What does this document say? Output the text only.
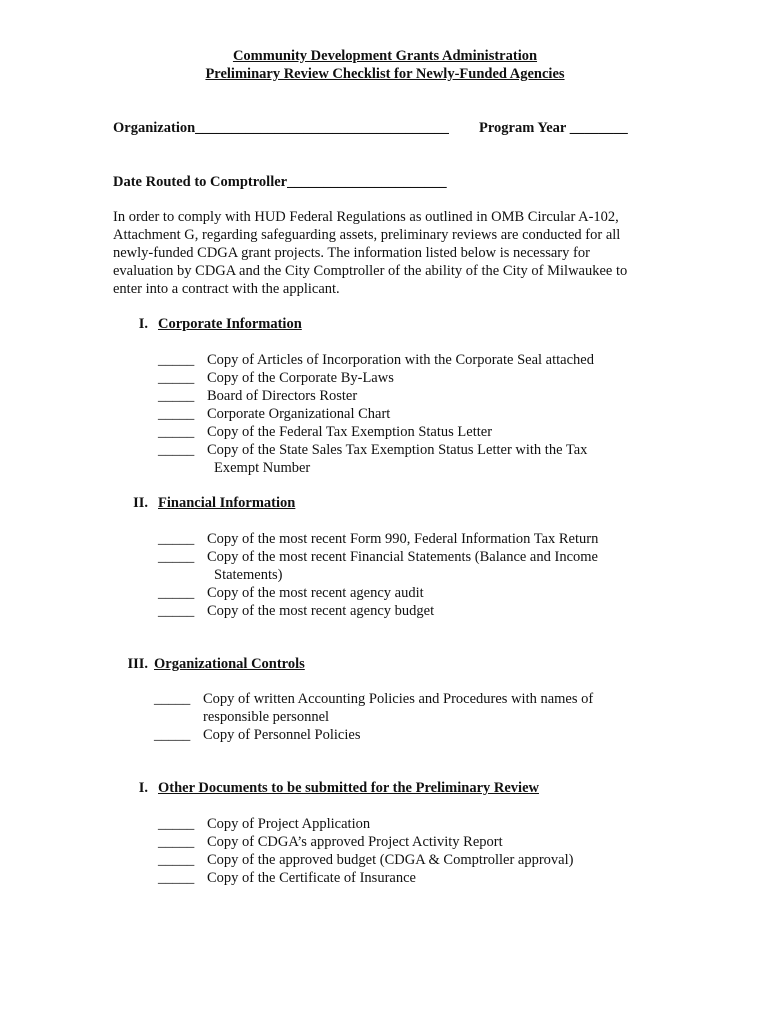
Community Development Grants Administration
Preliminary Review Checklist for Newly-Funded Agencies
Organization___________________________________ Program Year ________
Date Routed to Comptroller______________________
In order to comply with HUD Federal Regulations as outlined in OMB Circular A-102,
Attachment G, regarding safeguarding assets, preliminary reviews are conducted for all
newly-funded CDGA grant projects. The information listed below is necessary for
evaluation by CDGA and the City Comptroller of the ability of the City of Milwaukee to
enter into a contract with the applicant.
I. Corporate Information
_____ Copy of Articles of Incorporation with the Corporate Seal attached
_____ Copy of the Corporate By-Laws
_____ Board of Directors Roster
_____ Corporate Organizational Chart
_____ Copy of the Federal Tax Exemption Status Letter
_____ Copy of the State Sales Tax Exemption Status Letter with the Tax
Exempt Number
II. Financial Information
_____ Copy of the most recent Form 990, Federal Information Tax Return
_____ Copy of the most recent Financial Statements (Balance and Income
Statements)
_____ Copy of the most recent agency audit
_____ Copy of the most recent agency budget
III. Organizational Controls
_____ Copy of written Accounting Policies and Procedures with names of
responsible personnel
_____ Copy of Personnel Policies
I. Other Documents to be submitted for the Preliminary Review
_____ Copy of Project Application
_____ Copy of CDGA’s approved Project Activity Report
_____ Copy of the approved budget (CDGA & Comptroller approval)
_____ Copy of the Certificate of Insurance
